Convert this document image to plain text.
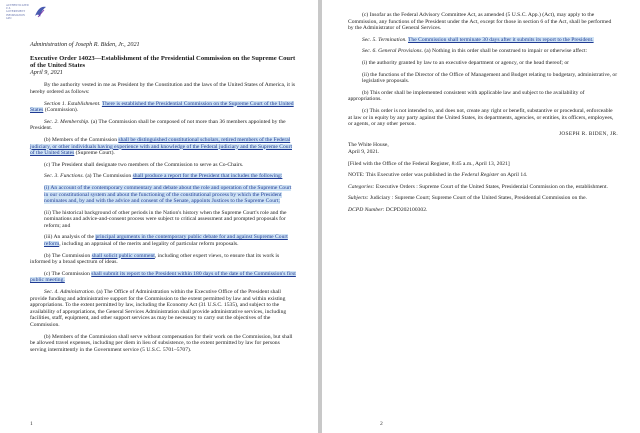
AUTHENTICATED U.S. GOVERNMENT
INFORMATION
GPO

Administration of Joseph R. Biden, Jr., 2021

Executive Order 14023—Establishment of the Presidential Commission on the Supreme Court of the United States

April 9, 2021

By the authority vested in me as President by the Constitution and the laws of the United States of America, it is hereby ordered as follows:

Section 1. Establishment. There is established the Presidential Commission on the Supreme Court of the United States (Commission).

Sec. 2. Membership. (a) The Commission shall be composed of not more than 36 members appointed by the President.

(b) Members of the Commission shall be distinguished constitutional scholars, retired members of the Federal judiciary, or other individuals having experience with and knowledge of the Federal judiciary and the Supreme Court of the United States (Supreme Court).

(c) The President shall designate two members of the Commission to serve as Co-Chairs.

Sec. 3. Functions. (a) The Commission shall produce a report for the President that includes the following:

(i) An account of the contemporary commentary and debate about the role and operation of the Supreme Court in our constitutional system and about the functioning of the constitutional process by which the President nominates and, by and with the advice and consent of the Senate, appoints Justices to the Supreme Court;

(ii) The historical background of other periods in the Nation's history when the Supreme Court's role and the nominations and advice-and-consent process were subject to critical assessment and prompted proposals for reform; and

(iii) An analysis of the principal arguments in the contemporary public debate for and against Supreme Court reform, including an appraisal of the merits and legality of particular reform proposals.

(b) The Commission shall solicit public comment, including other expert views, to ensure that its work is informed by a broad spectrum of ideas.

(c) The Commission shall submit its report to the President within 180 days of the date of the Commission's first public meeting.

Sec. 4. Administration. (a) The Office of Administration within the Executive Office of the President shall provide funding and administrative support for the Commission to the extent permitted by law and within existing appropriations. To the extent permitted by law, including the Economy Act (31 U.S.C. 1535), and subject to the availability of appropriations, the General Services Administration shall provide administrative services, including facilities, staff, equipment, and other support services as may be necessary to carry out the objectives of the Commission.

(b) Members of the Commission shall serve without compensation for their work on the Commission, but shall be allowed travel expenses, including per diem in lieu of subsistence, to the extent permitted by law for persons serving intermittently in the Government service (5 U.S.C. 5701–5707).

1

(c) Insofar as the Federal Advisory Committee Act, as amended (5 U.S.C. App.) (Act), may apply to the Commission, any functions of the President under the Act, except for those in section 6 of the Act, shall be performed by the Administrator of General Services.

Sec. 5. Termination. The Commission shall terminate 30 days after it submits its report to the President.

Sec. 6. General Provisions. (a) Nothing in this order shall be construed to impair or otherwise affect:

(i) the authority granted by law to an executive department or agency, or the head thereof; or

(ii) the functions of the Director of the Office of Management and Budget relating to budgetary, administrative, or legislative proposals.

(b) This order shall be implemented consistent with applicable law and subject to the availability of appropriations.

(c) This order is not intended to, and does not, create any right or benefit, substantive or procedural, enforceable at law or in equity by any party against the United States, its departments, agencies, or entities, its officers, employees, or agents, or any other person.

JOSEPH R. BIDEN, JR.

The White House,

April 9, 2021.

[Filed with the Office of the Federal Register, 8:45 a.m., April 13, 2021]

NOTE: This Executive order was published in the Federal Register on April 14.

Categories: Executive Orders : Supreme Court of the United States, Presidential Commission on the, establishment.

Subjects: Judiciary : Supreme Court; Supreme Court of the United States, Presidential Commission on the.

DCPD Number: DCPD202100302.

2
